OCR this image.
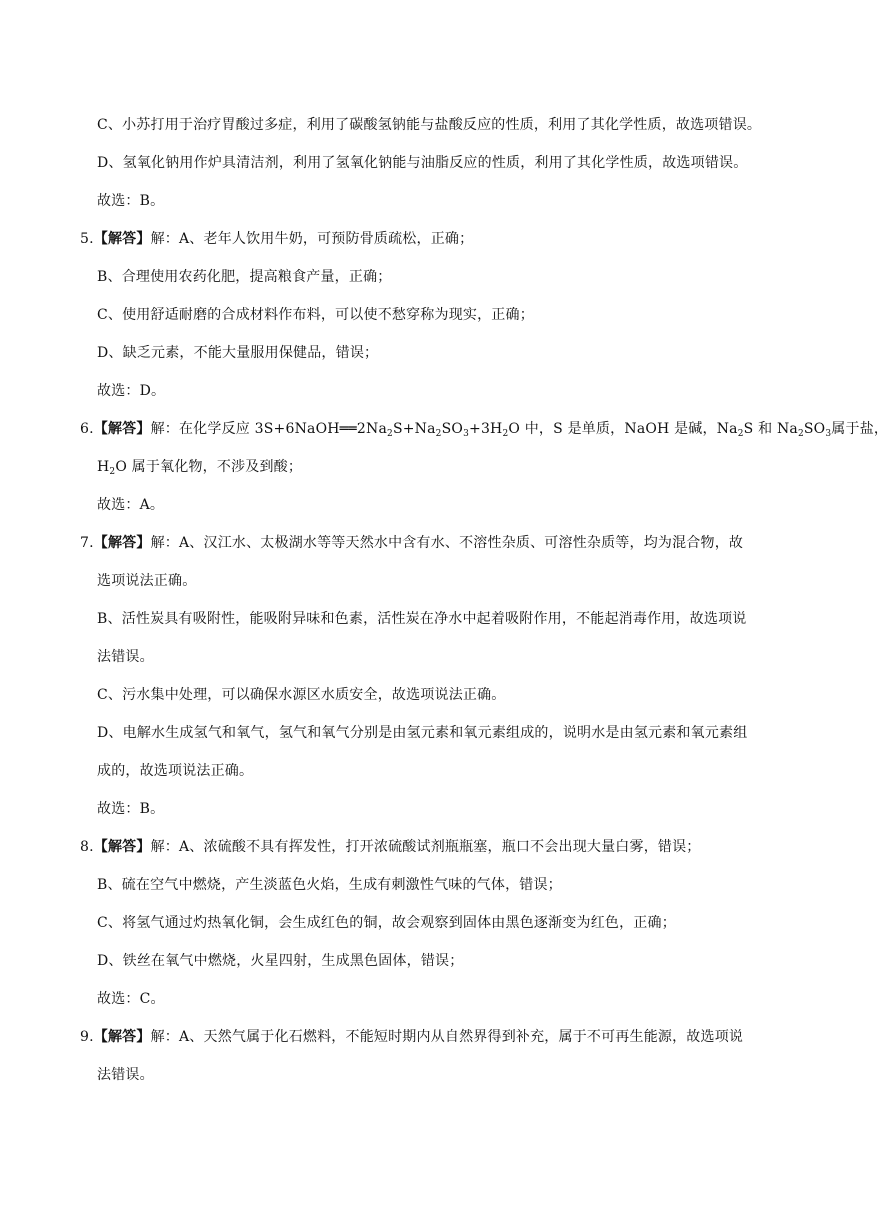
C、小苏打用于治疗胃酸过多症，利用了碳酸氢钠能与盐酸反应的性质，利用了其化学性质，故选项错误。
D、氢氧化钠用作炉具清洁剂，利用了氢氧化钠能与油脂反应的性质，利用了其化学性质，故选项错误。
故选：B。
5.【解答】解：A、老年人饮用牛奶，可预防骨质疏松，正确；
B、合理使用农药化肥，提高粮食产量，正确；
C、使用舒适耐磨的合成材料作布料，可以使不愁穿称为现实，正确；
D、缺乏元素，不能大量服用保健品，错误；
故选：D。
6.【解答】解：在化学反应 $3S+6NaOH══2Na_2S+Na_2SO_3+3H_2O$ 中，S 是单质，NaOH 是碱，$Na_2S$ 和 $Na_2SO_3$属于盐，
$H_2O$ 属于氧化物，不涉及到酸；
故选：A。
7.【解答】解：A、汉江水、太极湖水等等天然水中含有水、不溶性杂质、可溶性杂质等，均为混合物，故
选项说法正确。
B、活性炭具有吸附性，能吸附异味和色素，活性炭在净水中起着吸附作用，不能起消毒作用，故选项说
法错误。
C、污水集中处理，可以确保水源区水质安全，故选项说法正确。
D、电解水生成氢气和氧气，氢气和氧气分别是由氢元素和氧元素组成的，说明水是由氢元素和氧元素组
成的，故选项说法正确。
故选：B。
8.【解答】解：A、浓硫酸不具有挥发性，打开浓硫酸试剂瓶瓶塞，瓶口不会出现大量白雾，错误；
B、硫在空气中燃烧，产生淡蓝色火焰，生成有刺激性气味的气体，错误；
C、将氢气通过灼热氧化铜，会生成红色的铜，故会观察到固体由黑色逐渐变为红色，正确；
D、铁丝在氧气中燃烧，火星四射，生成黑色固体，错误；
故选：C。
9.【解答】解：A、天然气属于化石燃料，不能短时期内从自然界得到补充，属于不可再生能源，故选项说
法错误。
